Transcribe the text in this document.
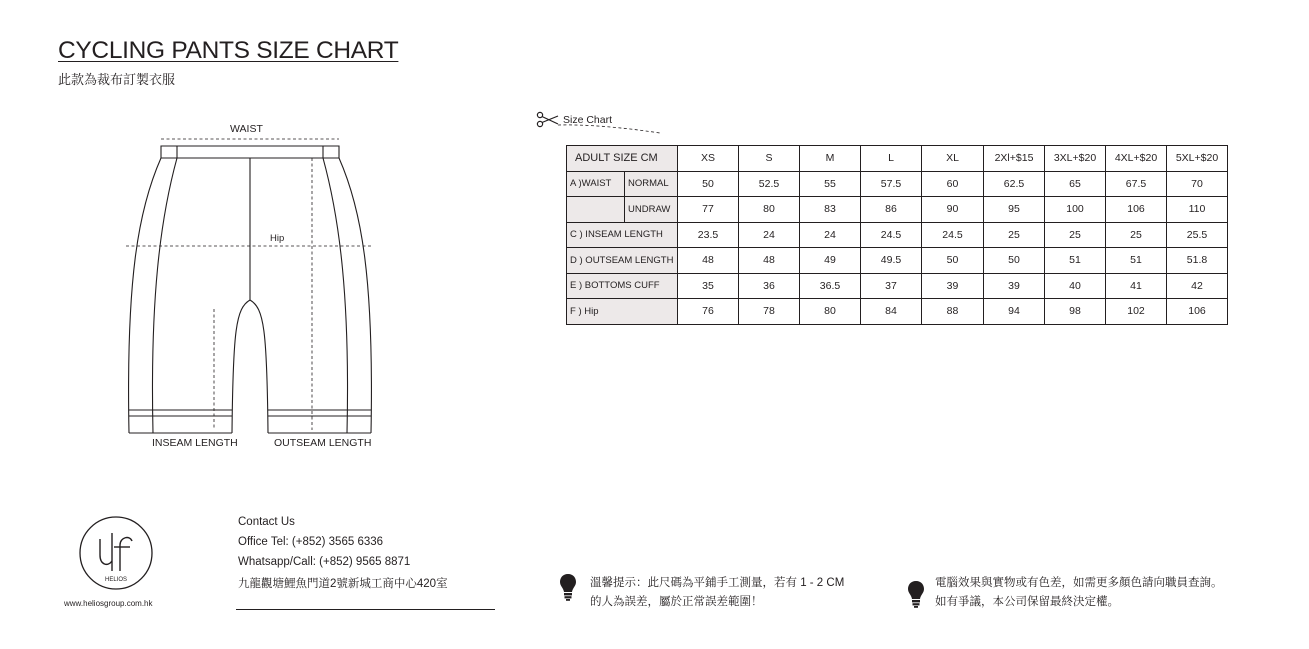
CYCLING PANTS SIZE CHART
此款為裁布訂製衣服
WAIST
Hip
INSEAM LENGTH	OUTSEAM LENGTH
Size Chart
ADULT SIZE CM		XS	S	M	L	XL	2Xl+$15	3XL+$20	4XL+$20	5XL+$20
A )WAIST	NORMAL	50	52.5	55	57.5	60	62.5	65	67.5	70
	UNDRAW	77	80	83	86	90	95	100	106	110
C ) INSEAM LENGTH		23.5	24	24	24.5	24.5	25	25	25	25.5
D ) OUTSEAM LENGTH		48	48	49	49.5	50	50	51	51	51.8
E ) BOTTOMS CUFF		35	36	36.5	37	39	39	40	41	42
F ) Hip		76	78	80	84	88	94	98	102	106
HELIOS
www.heliosgroup.com.hk
Contact Us
Office Tel: (+852) 3565 6336
Whatsapp/Call: (+852) 9565 8871
九龍觀塘鯉魚門道2號新城工商中心420室	溫馨提示：此尺碼為平鋪手工測量，若有 1 - 2 CM
的人為誤差，屬於正常誤差範圍！
電腦效果與實物或有色差，如需更多顏色請向職員查詢。
如有爭議，本公司保留最終決定權。
